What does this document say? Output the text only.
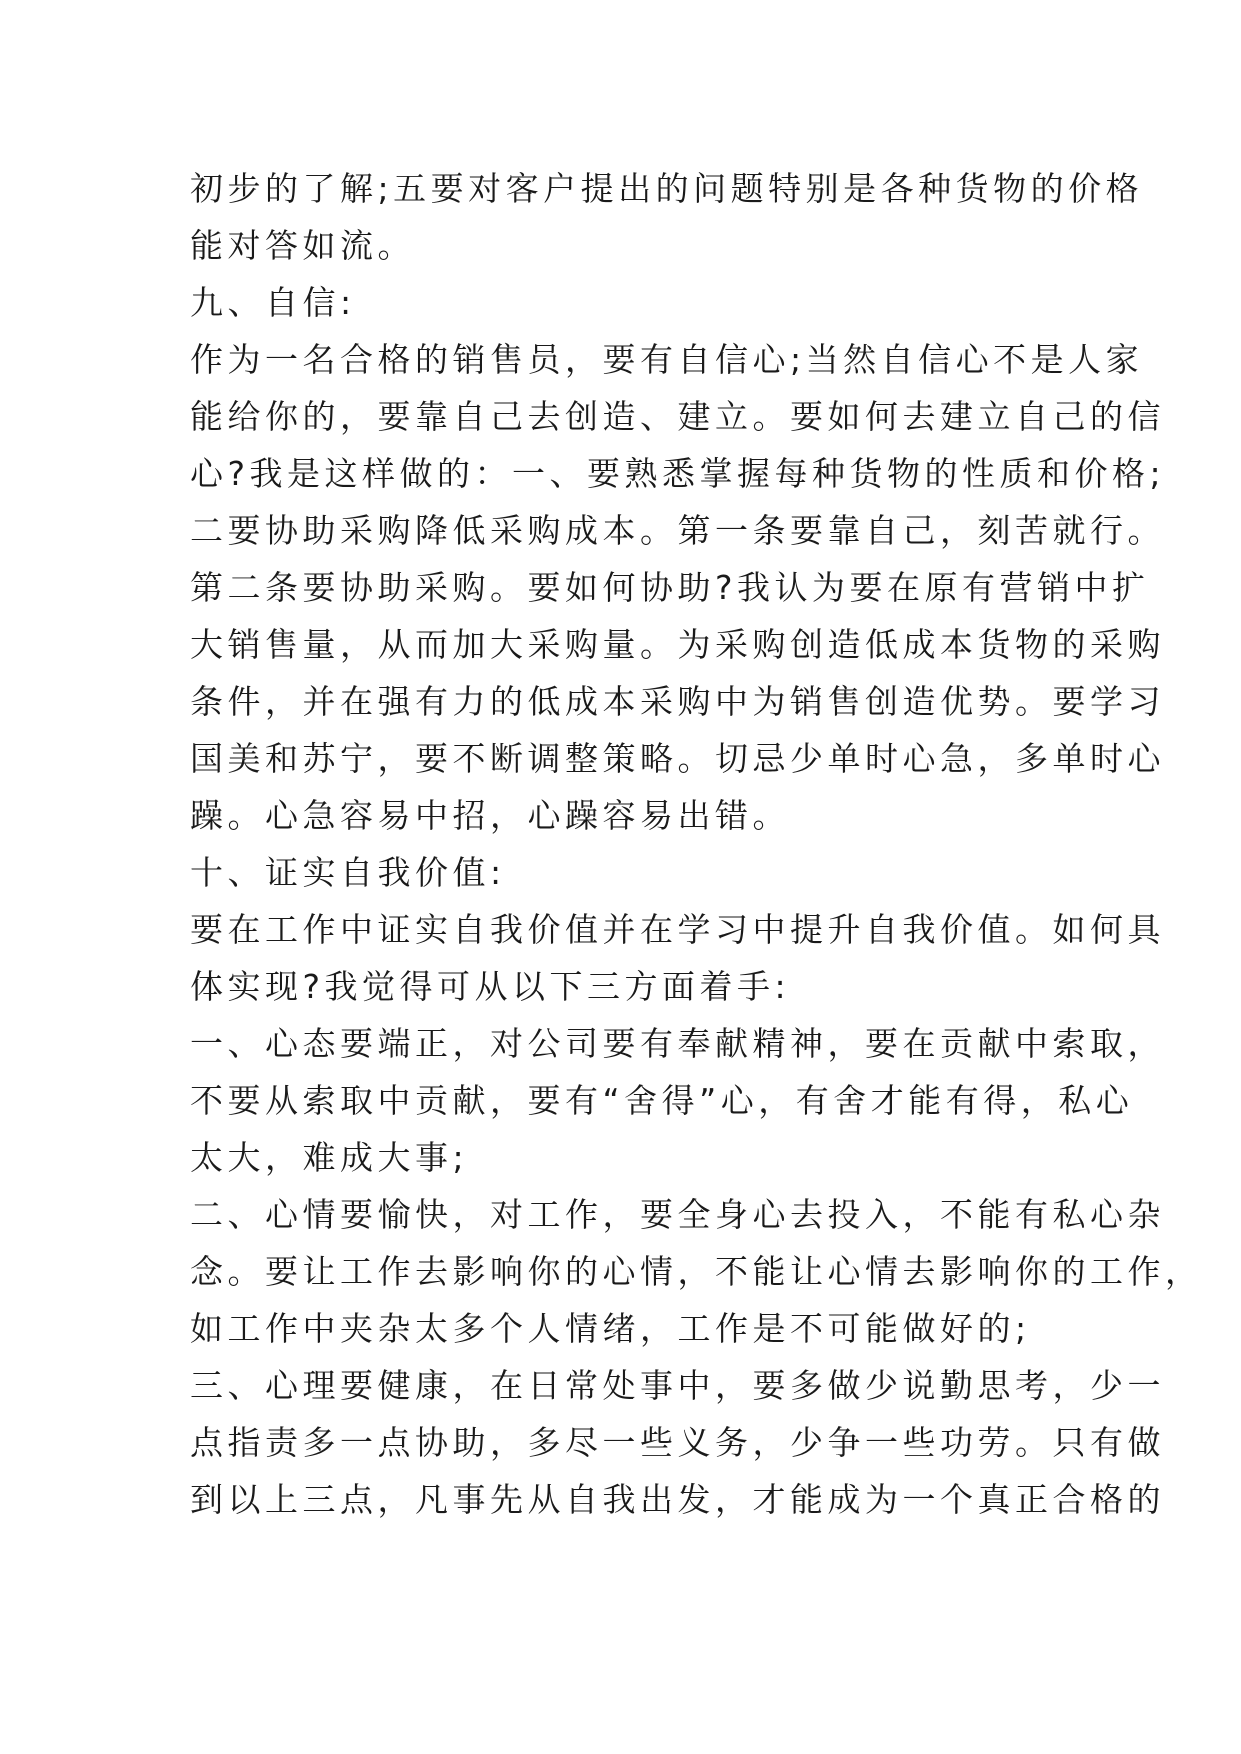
初步的了解;五要对客户提出的问题特别是各种货物的价格
能对答如流。
九、自信:
作为一名合格的销售员，要有自信心;当然自信心不是人家
能给你的，要靠自己去创造、建立。要如何去建立自己的信
心?我是这样做的：一、要熟悉掌握每种货物的性质和价格;
二要协助采购降低采购成本。第一条要靠自己，刻苦就行。
第二条要协助采购。要如何协助?我认为要在原有营销中扩
大销售量，从而加大采购量。为采购创造低成本货物的采购
条件，并在强有力的低成本采购中为销售创造优势。要学习
国美和苏宁，要不断调整策略。切忌少单时心急，多单时心
躁。心急容易中招，心躁容易出错。
十、证实自我价值:
要在工作中证实自我价值并在学习中提升自我价值。如何具
体实现?我觉得可从以下三方面着手:
一、心态要端正，对公司要有奉献精神，要在贡献中索取，
不要从索取中贡献，要有“舍得”心，有舍才能有得，私心
太大，难成大事;
二、心情要愉快，对工作，要全身心去投入，不能有私心杂
念。要让工作去影响你的心情，不能让心情去影响你的工作，
如工作中夹杂太多个人情绪，工作是不可能做好的;
三、心理要健康，在日常处事中，要多做少说勤思考，少一
点指责多一点协助，多尽一些义务，少争一些功劳。只有做
到以上三点，凡事先从自我出发，才能成为一个真正合格的
